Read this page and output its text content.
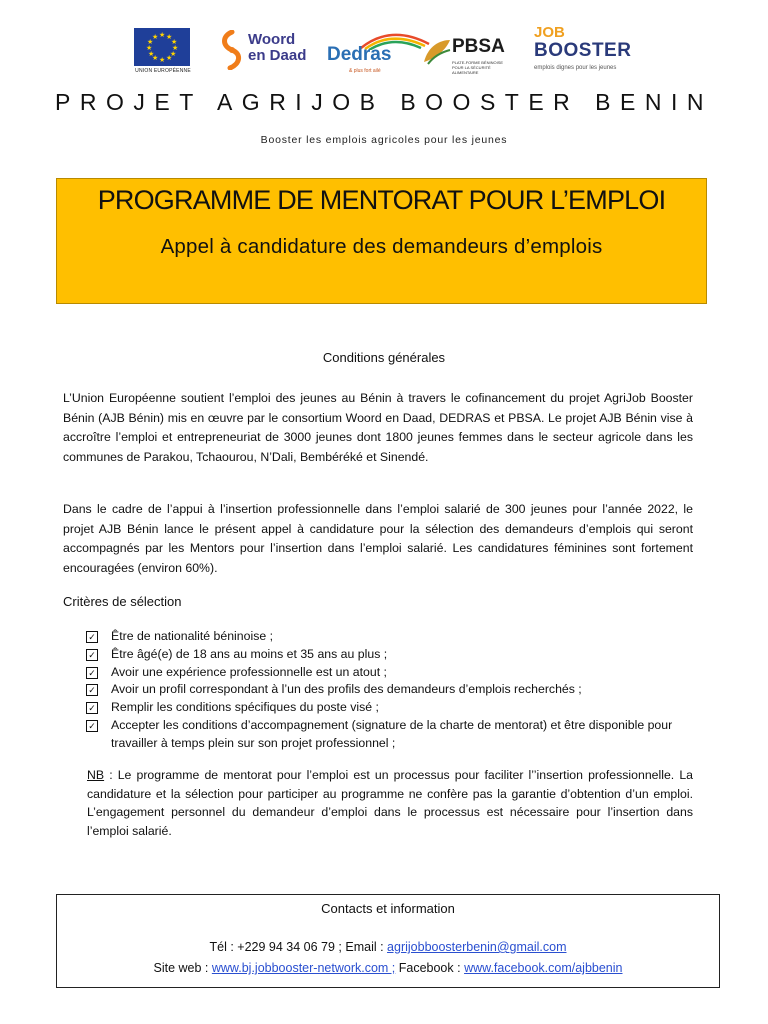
★ ★
★
★
★
★
★
★
★
★
★
★
UNION EUROPÉENNE
Woord
en Daad Dedras
& plus fort ailé
PBSA
PLATE-FORME BÉNINOISE POUR LA SÉCURITÉ ALIMENTAIRE
JOB
BOOSTER
emplois dignes pour les jeunes
PROJET AGRIJOB BOOSTER BENIN
Booster les emplois agricoles pour les jeunes
PROGRAMME DE MENTORAT POUR L’EMPLOI
Appel à candidature des demandeurs d’emplois
Conditions générales

L’Union Européenne soutient l’emploi des jeunes au Bénin à travers le cofinancement du projet AgriJob Booster Bénin (AJB Bénin) mis en œuvre par le consortium Woord en Daad, DEDRAS et PBSA. Le projet AJB Bénin vise à accroître l’emploi et entrepreneuriat de 3000 jeunes dont 1800 jeunes femmes dans le secteur agricole dans les communes de Parakou, Tchaourou, N’Dali, Bembéréké et Sinendé.

Dans le cadre de l’appui à l’insertion professionnelle dans l’emploi salarié de 300 jeunes pour l’année 2022, le projet AJB Bénin lance le présent appel à candidature pour la sélection des demandeurs d’emplois qui seront accompagnés par les Mentors pour l’insertion dans l’emploi salarié. Les candidatures féminines sont fortement encouragées (environ 60%).

Critères de sélection
✓ Être de nationalité béninoise ;
✓ Être âgé(e) de 18 ans au moins et 35 ans au plus ;
✓ Avoir une expérience professionnelle est un atout ;
✓ Avoir un profil correspondant à l’un des profils des demandeurs d’emplois recherchés ;
✓ Remplir les conditions spécifiques du poste visé ;
✓ Accepter les conditions d’accompagnement (signature de la charte de mentorat) et être disponible pour travailler à temps plein sur son projet professionnel ;

NB : Le programme de mentorat pour l’emploi est un processus pour faciliter l’’insertion professionnelle. La candidature et la sélection pour participer au programme ne confère pas la garantie d’obtention d’un emploi. L’engagement personnel du demandeur d’emploi dans le processus est nécessaire pour l’insertion dans l’emploi salarié.

Contacts et information
Tél : +229 94 34 06 79 ; Email : agrijobboosterbenin@gmail.com
Site web : www.bj.jobbooster-network.com ; Facebook : www.facebook.com/ajbbenin
